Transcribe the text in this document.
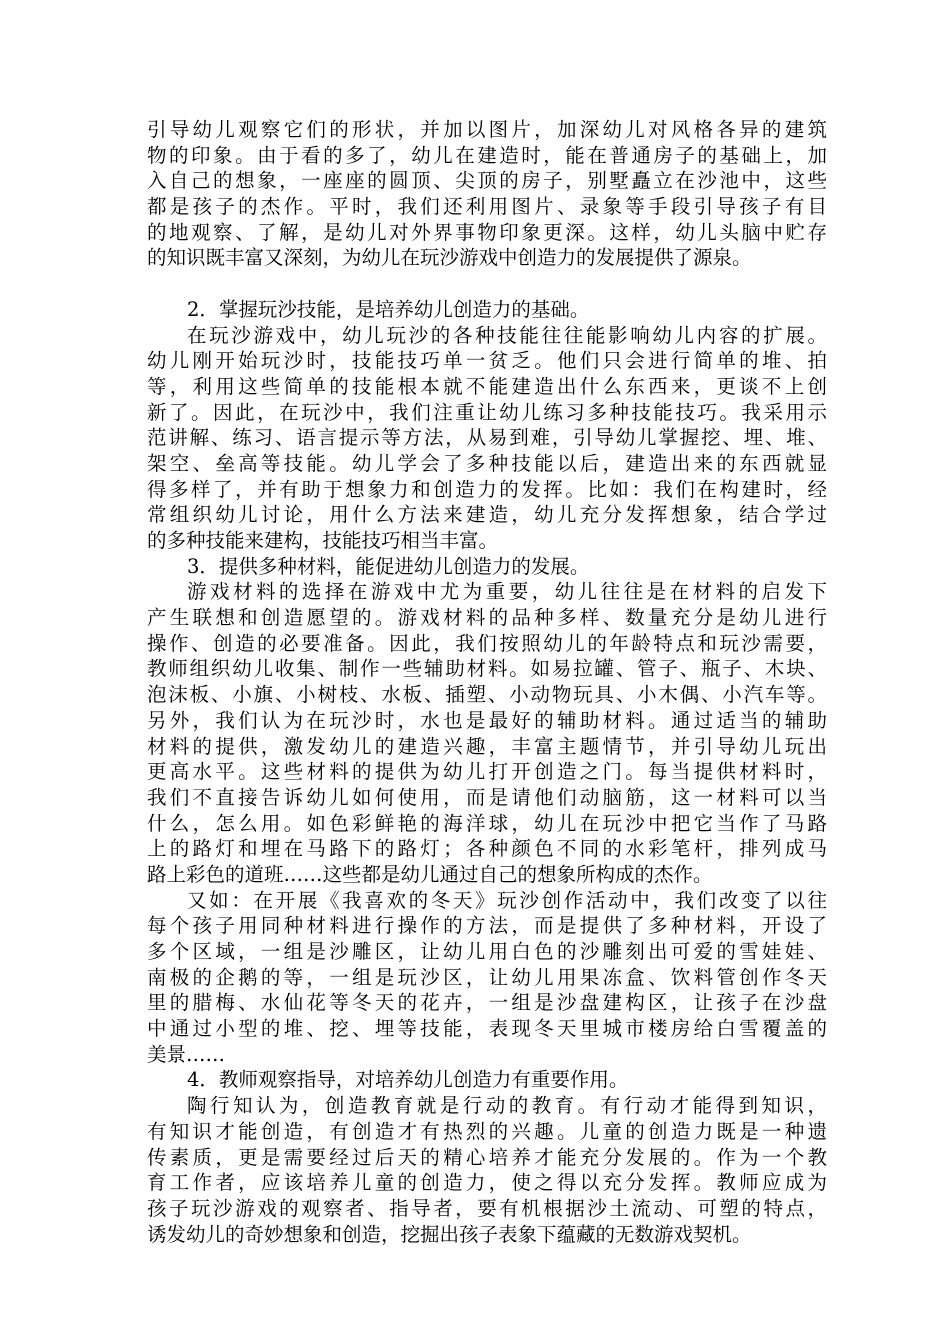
引导幼儿观察它们的形状，并加以图片，加深幼儿对风格各异的建筑
物的印象。由于看的多了，幼儿在建造时，能在普通房子的基础上，加
入自己的想象，一座座的圆顶、尖顶的房子，别墅矗立在沙池中，这些
都是孩子的杰作。平时，我们还利用图片、录象等手段引导孩子有目
的地观察、了解，是幼儿对外界事物印象更深。这样，幼儿头脑中贮存
的知识既丰富又深刻，为幼儿在玩沙游戏中创造力的发展提供了源泉。
2．掌握玩沙技能，是培养幼儿创造力的基础。
在玩沙游戏中，幼儿玩沙的各种技能往往能影响幼儿内容的扩展。
幼儿刚开始玩沙时，技能技巧单一贫乏。他们只会进行简单的堆、拍
等，利用这些简单的技能根本就不能建造出什么东西来，更谈不上创
新了。因此，在玩沙中，我们注重让幼儿练习多种技能技巧。我采用示
范讲解、练习、语言提示等方法，从易到难，引导幼儿掌握挖、埋、堆、
架空、垒高等技能。幼儿学会了多种技能以后，建造出来的东西就显
得多样了，并有助于想象力和创造力的发挥。比如：我们在构建时，经
常组织幼儿讨论，用什么方法来建造，幼儿充分发挥想象，结合学过
的多种技能来建构，技能技巧相当丰富。
3．提供多种材料，能促进幼儿创造力的发展。
游戏材料的选择在游戏中尤为重要，幼儿往往是在材料的启发下
产生联想和创造愿望的。游戏材料的品种多样、数量充分是幼儿进行
操作、创造的必要准备。因此，我们按照幼儿的年龄特点和玩沙需要，
教师组织幼儿收集、制作一些辅助材料。如易拉罐、管子、瓶子、木块、
泡沫板、小旗、小树枝、水板、插塑、小动物玩具、小木偶、小汽车等。
另外，我们认为在玩沙时，水也是最好的辅助材料。通过适当的辅助
材料的提供，激发幼儿的建造兴趣，丰富主题情节，并引导幼儿玩出
更高水平。这些材料的提供为幼儿打开创造之门。每当提供材料时，
我们不直接告诉幼儿如何使用，而是请他们动脑筋，这一材料可以当
什么，怎么用。如色彩鲜艳的海洋球，幼儿在玩沙中把它当作了马路
上的路灯和埋在马路下的路灯；各种颜色不同的水彩笔杆，排列成马
路上彩色的道班……这些都是幼儿通过自己的想象所构成的杰作。
又如：在开展《我喜欢的冬天》玩沙创作活动中，我们改变了以往
每个孩子用同种材料进行操作的方法，而是提供了多种材料，开设了
多个区域，一组是沙雕区，让幼儿用白色的沙雕刻出可爱的雪娃娃、
南极的企鹅的等，一组是玩沙区，让幼儿用果冻盒、饮料管创作冬天
里的腊梅、水仙花等冬天的花卉，一组是沙盘建构区，让孩子在沙盘
中通过小型的堆、挖、埋等技能，表现冬天里城市楼房给白雪覆盖的
美景……
4．教师观察指导，对培养幼儿创造力有重要作用。
陶行知认为，创造教育就是行动的教育。有行动才能得到知识，
有知识才能创造，有创造才有热烈的兴趣。儿童的创造力既是一种遗
传素质，更是需要经过后天的精心培养才能充分发展的。作为一个教
育工作者，应该培养儿童的创造力，使之得以充分发挥。教师应成为
孩子玩沙游戏的观察者、指导者，要有机根据沙土流动、可塑的特点，
诱发幼儿的奇妙想象和创造，挖掘出孩子表象下蕴藏的无数游戏契机。
